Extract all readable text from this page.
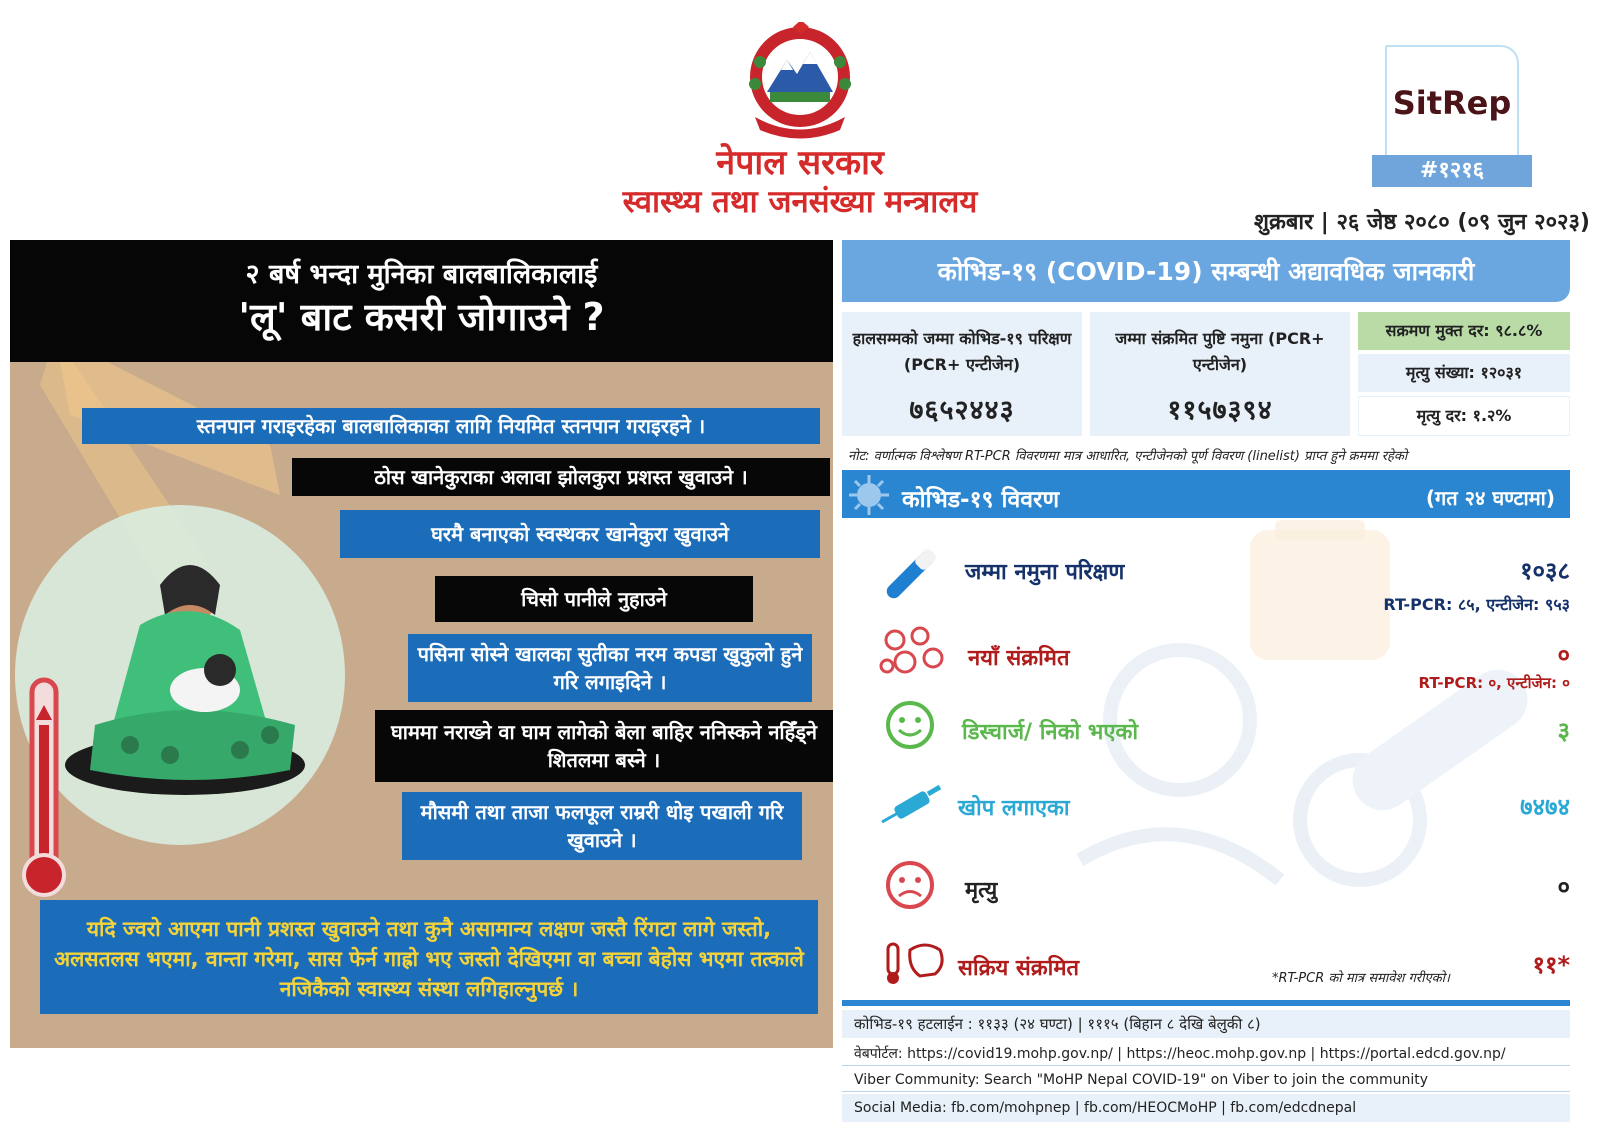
नेपाल सरकार
स्वास्थ्य तथा जनसंख्या मन्त्रालय
SitRep
#१२१६
शुक्रबार | २६ जेष्ठ २०८० (०९ जुन २०२३)
२ बर्ष भन्दा मुनिका बालबालिकालाई
'लू' बाट कसरी जोगाउने ?
स्तनपान गराइरहेका बालबालिकाका लागि नियमित स्तनपान गराइरहने ।
ठोस खानेकुराका अलावा झोलकुरा प्रशस्त खुवाउने ।
घरमै बनाएको स्वस्थकर खानेकुरा खुवाउने
चिसो पानीले नुहाउने
पसिना सोस्ने खालका सुतीका नरम कपडा खुकुलो हुने गरि लगाइदिने ।
घाममा नराख्ने वा घाम लागेको बेला बाहिर ननिस्कने नहिँड्ने शितलमा बस्ने ।
मौसमी तथा ताजा फलफूल राम्ररी धोइ पखाली गरि खुवाउने ।
यदि ज्वरो आएमा पानी प्रशस्त खुवाउने तथा कुनै असामान्य लक्षण जस्तै रिंगटा लागे जस्तो, अलसतलस भएमा, वान्ता गरेमा, सास फेर्न गाह्रो भए जस्तो देखिएमा वा बच्चा बेहोस भएमा तत्काले नजिकैको स्वास्थ्य संस्था लगिहाल्नुपर्छ ।
कोभिड-१९ (COVID-19) सम्बन्धी अद्यावधिक जानकारी
हालसम्मको जम्मा कोभिड-१९ परिक्षण (PCR+ एन्टीजेन)
७६५२४४३
जम्मा संक्रमित पुष्टि नमुना (PCR+ एन्टीजेन)
११५७३९४
सक्रमण मुक्त दर: ९८.८%
मृत्यु संख्या: १२०३१
मृत्यु दर: १.२%
नोट: वर्णात्मक विश्लेषण RT-PCR विवरणमा मात्र आधारित, एन्टीजेनको पूर्ण विवरण (linelist) प्राप्त हुने क्रममा रहेको
कोभिड-१९ विवरण	(गत २४ घण्टामा)
जम्मा नमुना परिक्षण	१०३८
RT-PCR: ८५, एन्टीजेन: ९५३
नयाँ संक्रमित	०
RT-PCR: ०, एन्टीजेन: ०
डिस्चार्ज/ निको भएको	३
खोप लगाएका	७४७४
मृत्यु	०
सक्रिय संक्रमित	११*
*RT-PCR को मात्र समावेश गरीएको।
कोभिड-१९ हटलाईन : ११३३ (२४ घण्टा) | १११५ (बिहान ८ देखि बेलुकी ८)
वेबपोर्टल: https://covid19.mohp.gov.np/ | https://heoc.mohp.gov.np | https://portal.edcd.gov.np/
Viber Community: Search "MoHP Nepal COVID-19" on Viber to join the community
Social Media: fb.com/mohpnep | fb.com/HEOCMoHP | fb.com/edcdnepal
